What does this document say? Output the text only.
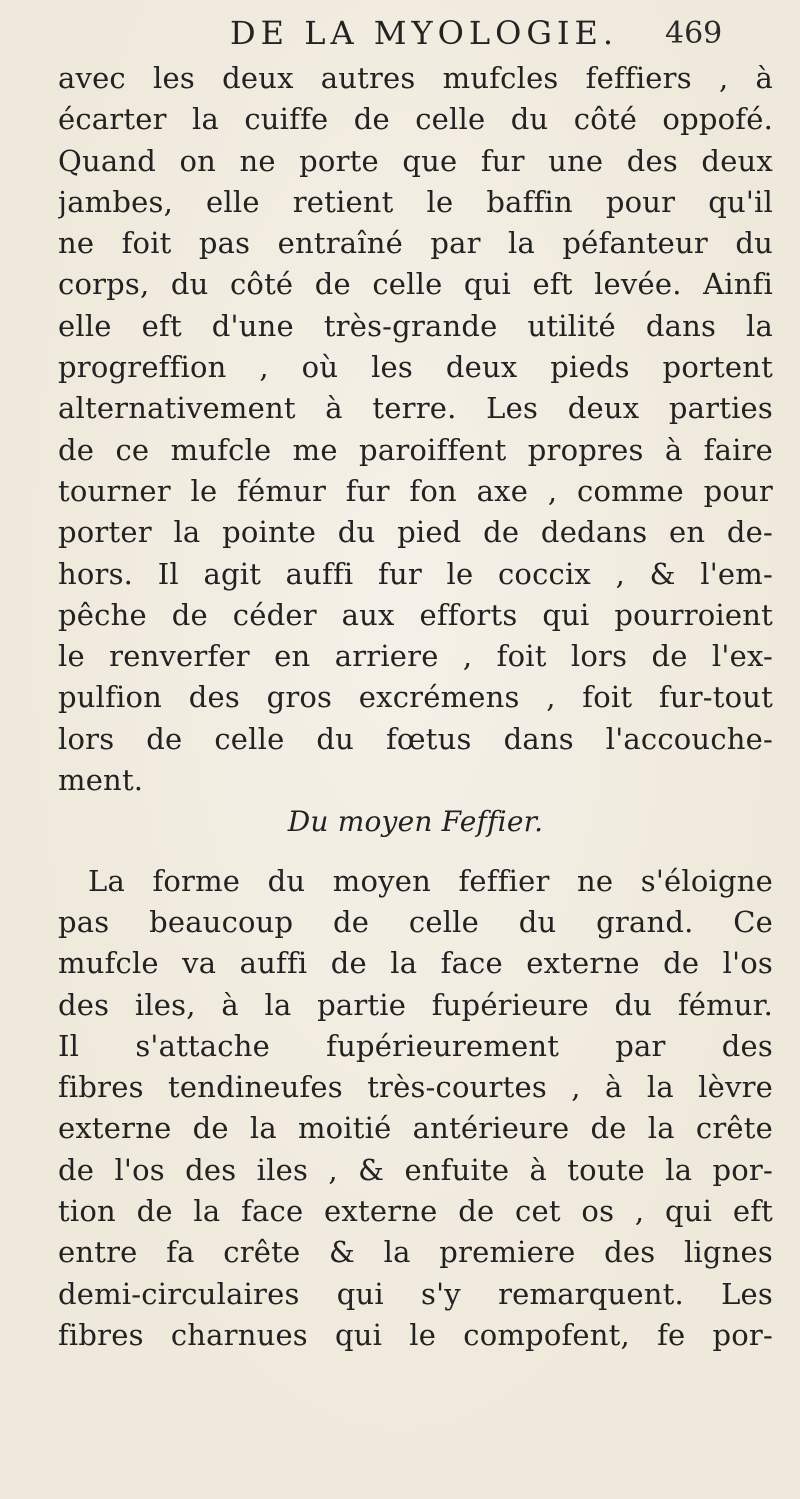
DE LA MYOLOGIE. 469
avec les deux autres mufcles feffiers , à
écarter la cuiffe de celle du côté oppofé.
Quand on ne porte que fur une des deux
jambes, elle retient le baffin pour qu'il
ne foit pas entraîné par la péfanteur du
corps, du côté de celle qui eft levée. Ainfi
elle eft d'une très-grande utilité dans la
progreffion , où les deux pieds portent
alternativement à terre. Les deux parties
de ce mufcle me paroiffent propres à faire
tourner le fémur fur fon axe , comme pour
porter la pointe du pied de dedans en de-
hors. Il agit auffi fur le coccix , & l'em-
pêche de céder aux efforts qui pourroient
le renverfer en arriere , foit lors de l'ex-
pulfion des gros excrémens , foit fur-tout
lors de celle du fœtus dans l'accouche-
ment.
Du moyen Feffier.
La forme du moyen feffier ne s'éloigne
pas beaucoup de celle du grand. Ce
mufcle va auffi de la face externe de l'os
des iles, à la partie fupérieure du fémur.
Il s'attache fupérieurement par des
fibres tendineufes très-courtes , à la lèvre
externe de la moitié antérieure de la crête
de l'os des iles , & enfuite à toute la por-
tion de la face externe de cet os , qui eft
entre fa crête & la premiere des lignes
demi-circulaires qui s'y remarquent. Les
fibres charnues qui le compofent, fe por-
